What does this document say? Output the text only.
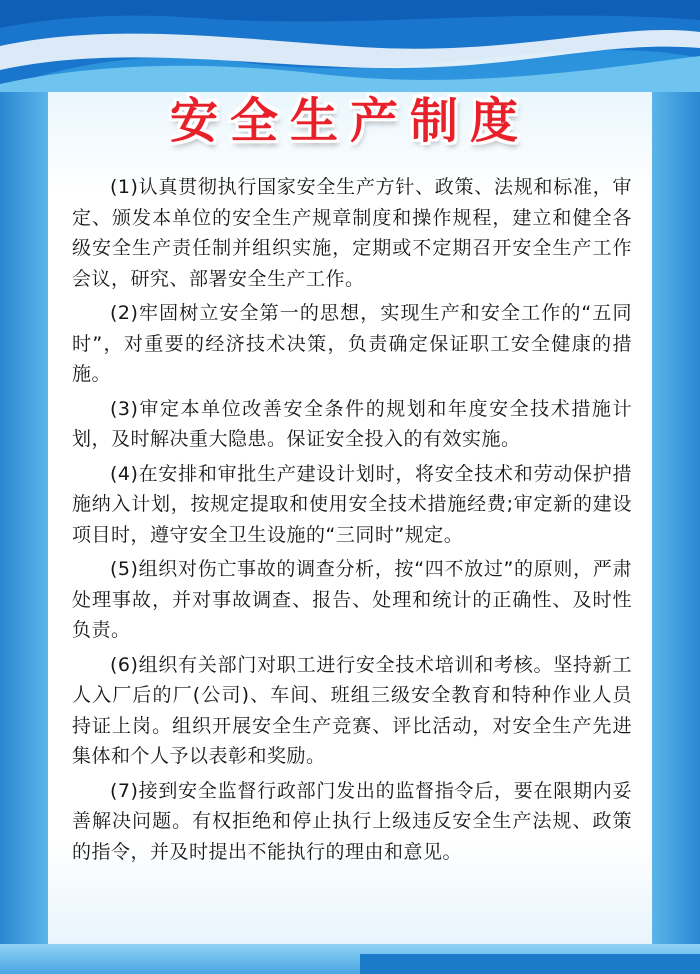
安全生产制度

(1)认真贯彻执行国家安全生产方针、政策、法规和标准，审定、颁发本单位的安全生产规章制度和操作规程，建立和健全各级安全生产责任制并组织实施，定期或不定期召开安全生产工作会议，研究、部署安全生产工作。

(2)牢固树立安全第一的思想，实现生产和安全工作的“五同时”，对重要的经济技术决策，负责确定保证职工安全健康的措施。

(3)审定本单位改善安全条件的规划和年度安全技术措施计划，及时解决重大隐患。保证安全投入的有效实施。

(4)在安排和审批生产建设计划时，将安全技术和劳动保护措施纳入计划，按规定提取和使用安全技术措施经费;审定新的建设项目时，遵守安全卫生设施的“三同时”规定。

(5)组织对伤亡事故的调查分析，按“四不放过”的原则，严肃处理事故，并对事故调查、报告、处理和统计的正确性、及时性负责。

(6)组织有关部门对职工进行安全技术培训和考核。坚持新工人入厂后的厂(公司)、车间、班组三级安全教育和特种作业人员持证上岗。组织开展安全生产竞赛、评比活动，对安全生产先进集体和个人予以表彰和奖励。

(7)接到安全监督行政部门发出的监督指令后，要在限期内妥善解决问题。有权拒绝和停止执行上级违反安全生产法规、政策的指令，并及时提出不能执行的理由和意见。
